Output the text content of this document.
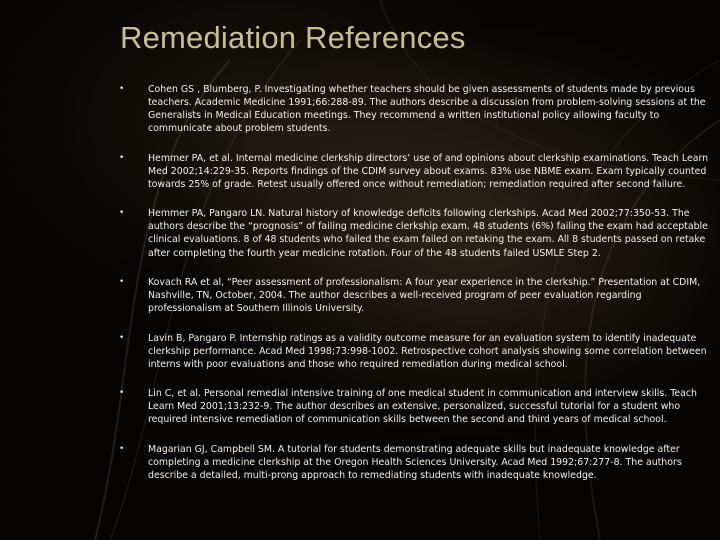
Remediation References
•	Cohen GS , Blumberg, P. Investigating whether teachers should be given assessments of students made by previous teachers. Academic Medicine 1991;66:288-89. The authors describe a discussion from problem-solving sessions at the Generalists in Medical Education meetings. They recommend a written institutional policy allowing faculty to communicate about problem students.
•	Hemmer PA, et al. Internal medicine clerkship directors’ use of and opinions about clerkship examinations. Teach Learn Med 2002;14:229-35. Reports findings of the CDIM survey about exams. 83% use NBME exam. Exam typically counted towards 25% of grade. Retest usually offered once without remediation; remediation required after second failure.
•	Hemmer PA, Pangaro LN. Natural history of knowledge deficits following clerkships. Acad Med 2002;77:350-53. The authors describe the “prognosis” of failing medicine clerkship exam. 48 students (6%) failing the exam had acceptable clinical evaluations. 8 of 48 students who failed the exam failed on retaking the exam. All 8 students passed on retake after completing the fourth year medicine rotation. Four of the 48 students failed USMLE Step 2.
•	Kovach RA et al, “Peer assessment of professionalism: A four year experience in the clerkship.” Presentation at CDIM, Nashville, TN, October, 2004. The author describes a well-received program of peer evaluation regarding professionalism at Southern Illinois University.
•	Lavin B, Pangaro P. Internship ratings as a validity outcome measure for an evaluation system to identify inadequate clerkship performance. Acad Med 1998;73:998-1002. Retrospective cohort analysis showing some correlation between interns with poor evaluations and those who required remediation during medical school.
•	Lin C, et al. Personal remedial intensive training of one medical student in communication and interview skills. Teach Learn Med 2001;13:232-9. The author describes an extensive, personalized, successful tutorial for a student who required intensive remediation of communication skills between the second and third years of medical school.
•	Magarian GJ, Campbell SM. A tutorial for students demonstrating adequate skills but inadequate knowledge after completing a medicine clerkship at the Oregon Health Sciences University. Acad Med 1992;67:277-8. The authors describe a detailed, multi-prong approach to remediating students with inadequate knowledge.
